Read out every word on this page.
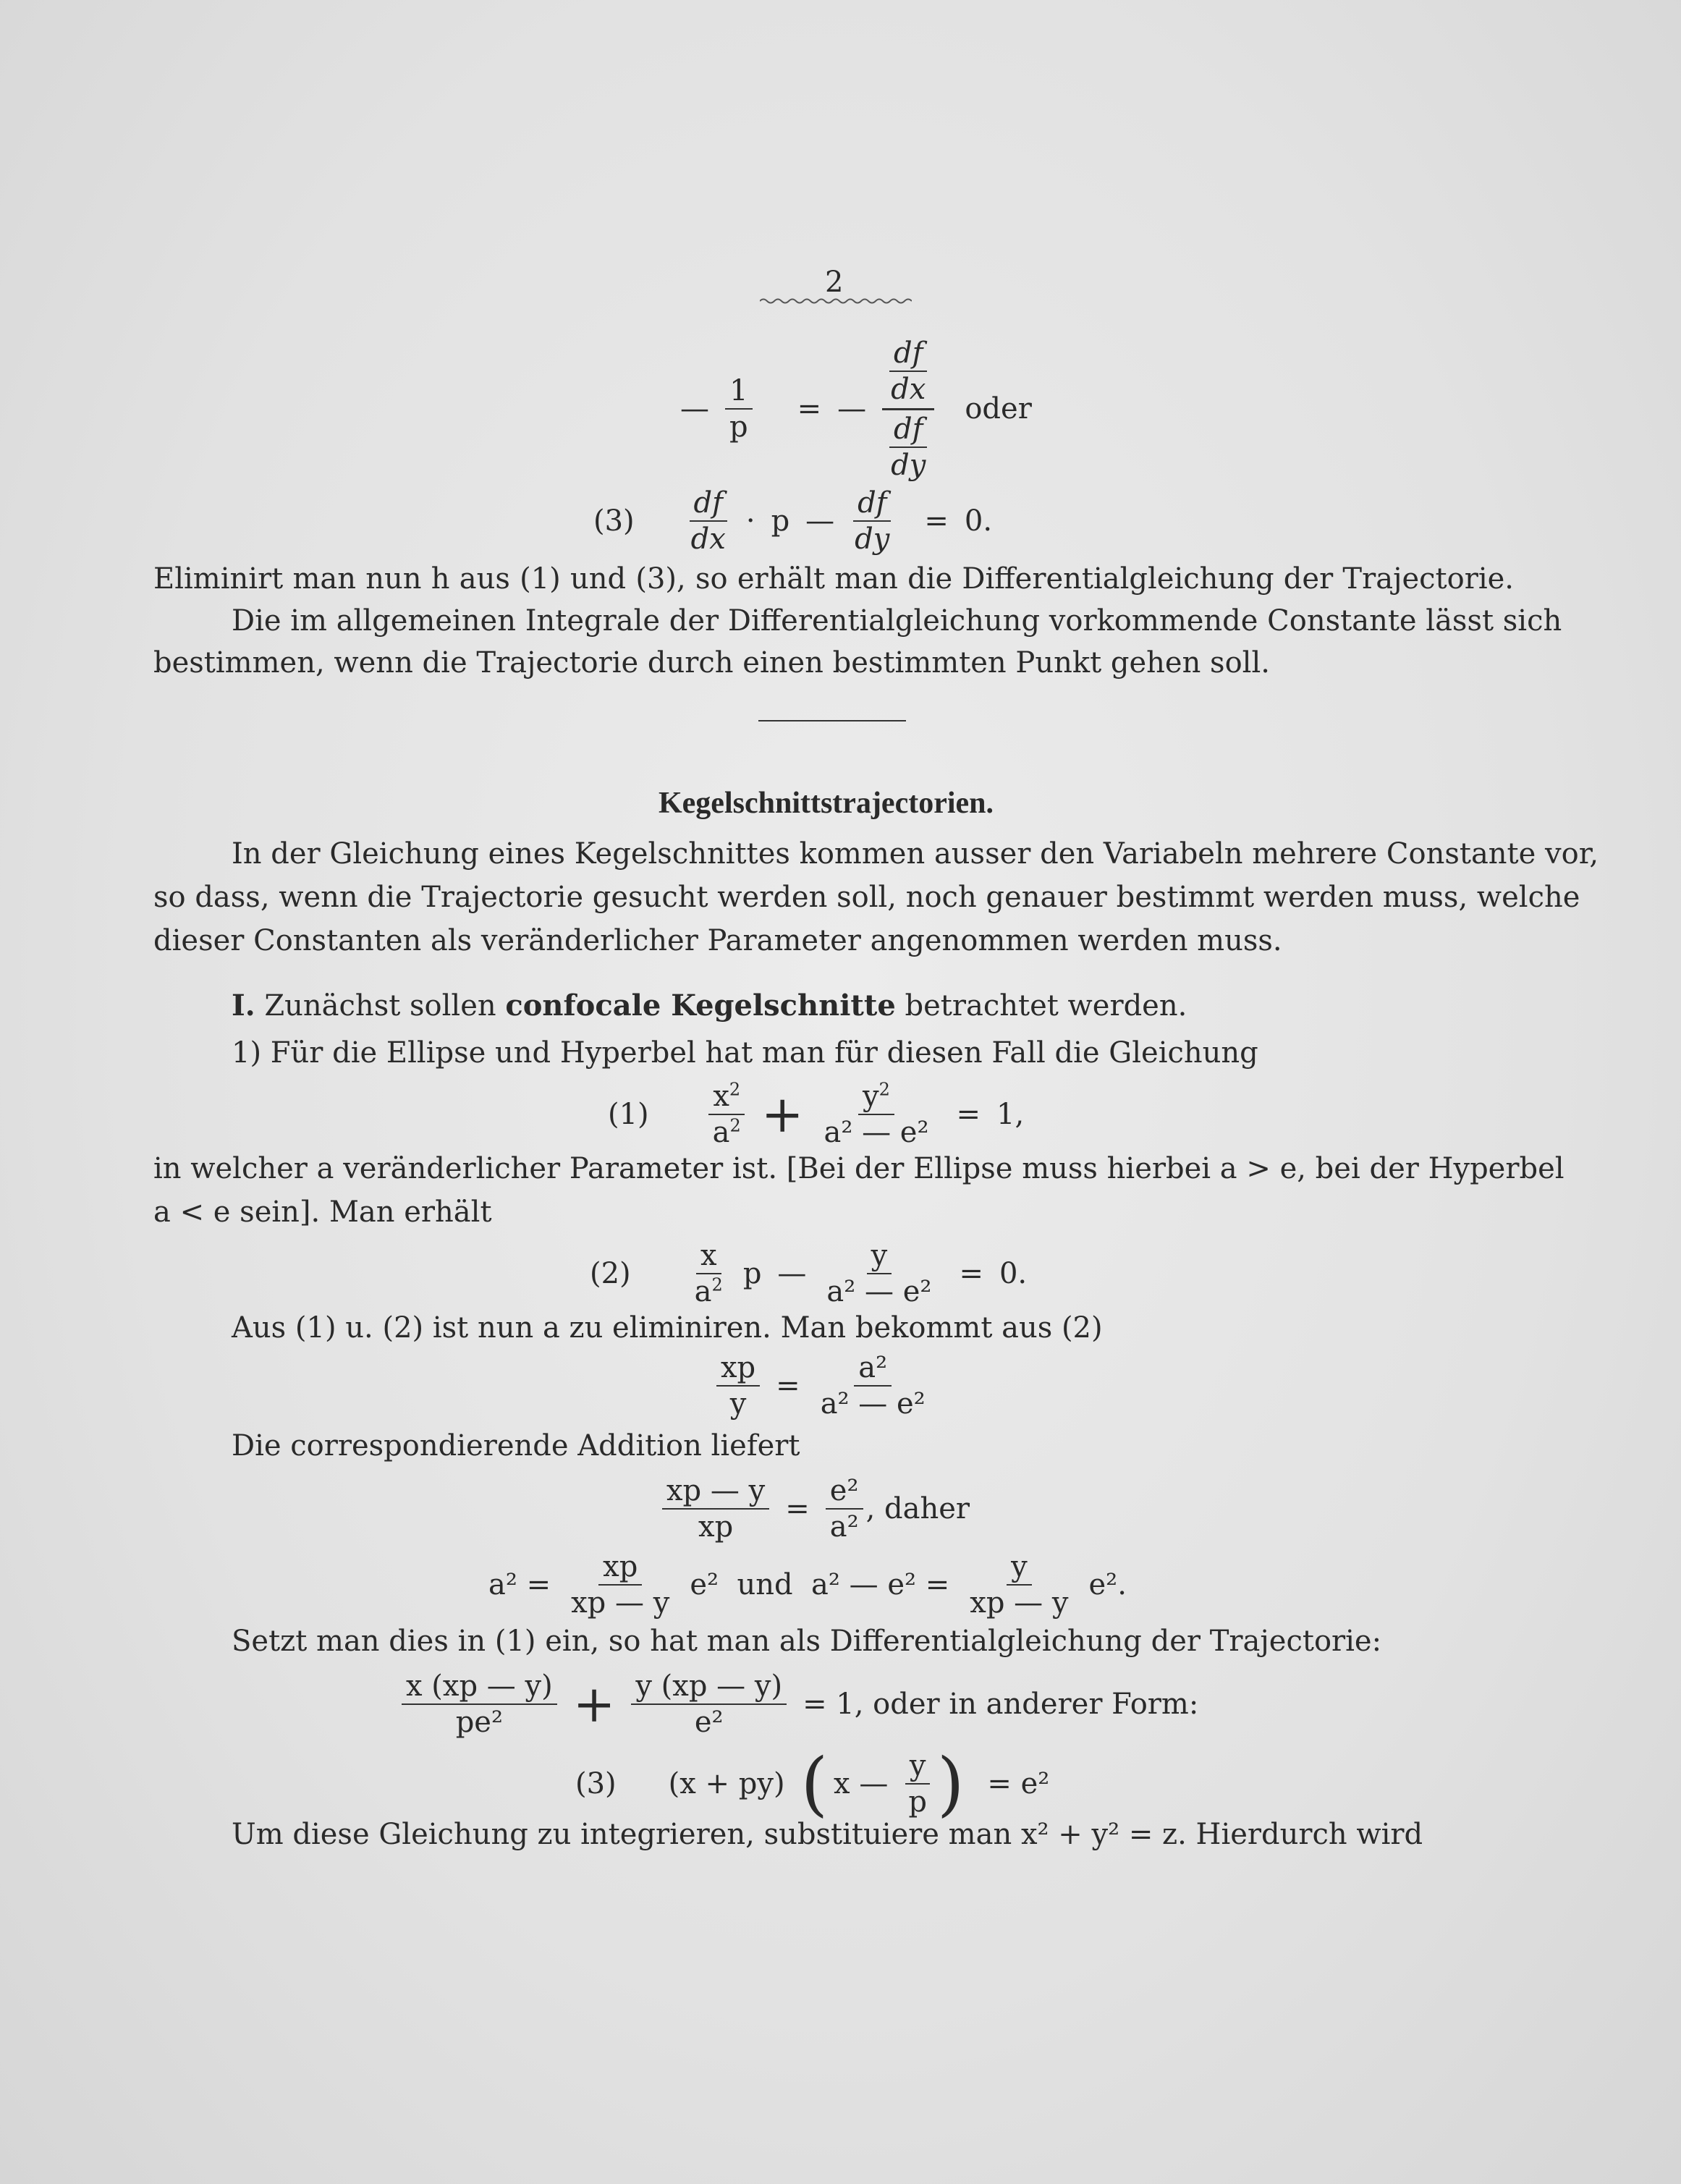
2
— $\frac{1}{p}$ = — $\frac{\frac{df}{dx}}{\frac{df}{dy}}$ oder
$(3) \frac{df}{dx} \cdot p$ — $\frac{df}{dy} = 0$.
Eliminirt man nun h aus (1) und (3), so erhält man die Differentialgleichung der Trajectorie.
Die im allgemeinen Integrale der Differentialgleichung vorkommende Constante lässt sich
bestimmen, wenn die Trajectorie durch einen bestimmten Punkt gehen soll.
Kegelschnittstrajectorien.
In der Gleichung eines Kegelschnittes kommen ausser den Variabeln mehrere Constante vor,
so dass, wenn die Trajectorie gesucht werden soll, noch genauer bestimmt werden muss, welche
dieser Constanten als veränderlicher Parameter angenommen werden muss.
I. Zunächst sollen confocale Kegelschnitte betrachtet werden.
1) Für die Ellipse und Hyperbel hat man für diesen Fall die Gleichung
$(1) \frac{x^2}{a^2} + \frac{y^2}{\text{a² — e²}} = 1$,
in welcher a veränderlicher Parameter ist. [Bei der Ellipse muss hierbei a > e, bei der Hyperbel
a < e sein]. Man erhält
$(2) \frac{x}{a^2}$ p — $\frac{y}{\text{a² — e²}} = 0$.
Aus (1) u. (2) ist nun a zu eliminiren. Man bekommt aus (2)
$\frac{xp}{y} = \frac{\text{a²}}{\text{a² — e²}}$
Die correspondierende Addition liefert
$\frac{xp — y}{xp} = \frac{\text{e²}}{\text{a²}}$ , daher
$a^2 = \frac{xp}{xp — y} e^2$  und  a² — $e^2 = \frac{y}{xp — y} e^2$.
Setzt man dies in (1) ein, so hat man als Differentialgleichung der Trajectorie:
$\frac{x (xp — y)}{\text{pe²}} + \frac{y (xp — y)}{\text{e²}} = 1$, oder in anderer Form:
(3) (x + py) ( x — $\frac{y}{p}$ ) = e²
Um diese Gleichung zu integrieren, substituiere man x² + y² = z. Hierdurch wird
